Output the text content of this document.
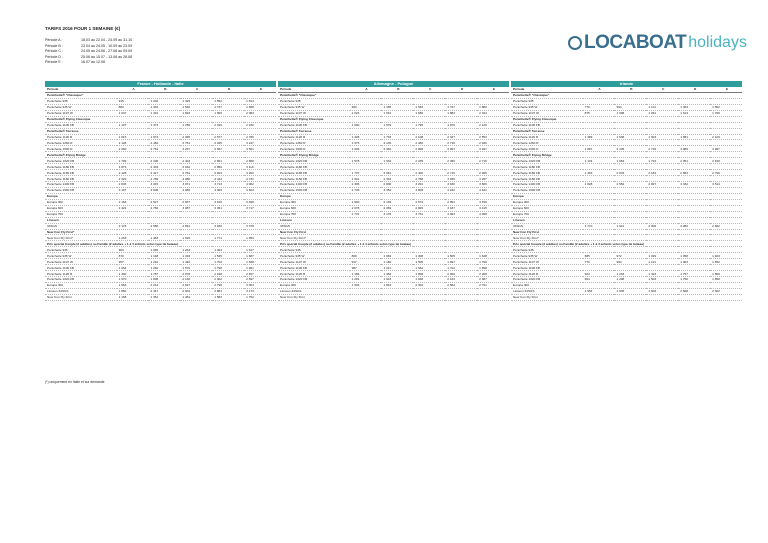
TARIFS 2016 POUR 1 SEMAINE (€)
Période A :	18.03 au 22.04 - 24.09 au 31.10
Période B :	23.04 au 24.05 - 10.09 au 23.09
Période C :	24.05 au 24.06 - 27.08 au 09.09
Période D :	25.06 au 15.07 - 13.08 au 26.08
Période E :	16.07 au 12.08
LOCABOAT holidays
France - Hollande - Italie
Période	A	B	C	D	E
Penichette® "Classique"					
Penichette 935	915	1 204	1 429	1 552	1 814
Penichette 935 W	883	1 316	1 540	1 747	1 898
Penichette 1107 W	1 037	1 401	1 693	1 909	2 083
Penichette® Flying Classique					
Penichette 1106 FB	1 107	1 473	1 789	2 016	2 232
Penichette® Terrasse					
Penichette 1120 R	1 615	1 974	2 365	2 577	2 786
Penichette 1260 R	2 128	2 482	2 751	3 045	3 247
Penichette 1500 R	2 260	2 761	3 237	3 367	3 561
Penichette® Flying Bridge					
Penichette 1020 FB	1 799	2 106	2 403	2 651	2 868
Penichette 1180 FB	1 873	2 303	2 632	2 856	3 119
Penichette 1165 FB	2 128	2 417	2 781	3 023	3 262
Penichette 1160 FB	2 422	2 789	3 080	3 444	3 731
Penichette 1400 FB	2 845	3 315	3 971	3 713	4 062
Penichette 1500 FB	3 107	3 606	4 080	4 309	4 623
Europa					
Europa 400	2 163	2 527	2 937	3 100	3 498
Europa 600	2 422	2 782	3 087	3 451	3 717
Europa 700					
Linssen					
34SGS	2 176	2 580	2 991	3 180	3 378
New Con Fly First*					
New Con Fly First*	1 263	1 483	1 615	1 771	1 953
Prix spécial Couple (2 adultes) ou Famille (2 adultes + 1 à 4 enfants selon type de bateau)					
Penichette 935	903	1 065	1 263	1 463	1 617
Penichette 935 W	870	1 148	1 318	1 545	1 687
Penichette 1107 W	957	1 210	1 440	1 702	1 838
Penichette 1106 FB	1 064	1 282	1 570	1 798	1 961
Penichette 1120 R	1 300	1 787	2 078	2 198	2 457
Penichette 1020 FB	1 570	1 806	2 130	2 402	2 597
Europa 400	1 963	2 212	2 627	2 798	3 063
Linssen 34SGS	1 860	2 317	2 604	2 881	3 173
New Con Fly First	1 168	1 351	1 481	1 583	1 752
Allemagne - Pologne
Période	A	B	C	D	E
Penichette® "Classique"					
Penichette 935					
Penichette 935 W	900	1 165	1 540	1 727	1 880
Penichette 1107 W	1 023	1 510	1 680	1 883	2 044
Penichette® Flying Classique					
Penichette 1106 FB	1 090	1 579	1 795	1 970	2 126
Penichette® Terrasse					
Penichette 1120 R	1 328	1 733	2 108	2 347	2 553
Penichette 1260 R	1 575	2 135	2 482	2 716	2 930
Penichette 1500 R	1 939	2 384	2 828	3 097	3 497
Penichette® Flying Bridge					
Penichette 1020 FB	1 578	1 934	2 235	2 450	2 716
Penichette 1180 FB					
Penichette 1165 FB	1 737	2 061	2 400	2 716	2 925
Penichette 1160 FB	1 901	2 343	2 788	3 039	3 267
Penichette 1400 FB	2 306	2 830	3 291	3 630	3 809
Penichette 1500 FB	2 745	3 352	3 809	4 242	4 641
Europa					
Europa 400	1 900	2 139	2 674	2 891	3 159
Europa 600	2 078	2 369	2 829	3 187	3 415
Europa 700	2 731	3 176	3 731	3 993	4 098
Linssen					
34SGS					
New Con Fly First					
New Con Fly First*					
Prix spécial Couple (2 adultes) ou Famille (2 adultes + 1 à 4 enfants selon type de bateau)					
Penichette 935					
Penichette 935 W	809	1 084	1 308	1 505	1 648
Penichette 1107 W	917	1 180	1 505	1 697	1 799
Penichette 1106 FB	987	1 211	1 540	1 722	1 898
Penichette 1120 R	1 186	1 483	1 808	2 060	2 268
Penichette 1020 FB	1 291	1 643	1 938	2 163	2 387
Europa 400	1 603	1 844	2 304	2 562	2 761
Linssen 34SGS					
New Con Fly First					
Irlande
Période	A	B	C	D	E
Penichette® "Classique"					
Penichette 935					
Penichette 935 W	770	994	1 114	1 463	1 652
Penichette 1107 W	875	1 098	1 261	1 613	1 799
Penichette® Flying Classique					
Penichette 1106 FB					
Penichette® Terrasse					
Penichette 1120 R	1 389	1 638	1 903	1 981	2 129
Penichette 1260 R					
Penichette 1500 R	1 887	2 105	2 718	3 089	3 287
Penichette® Flying Bridge					
Penichette 1020 FB	1 134	1 663	1 723	2 051	2 199
Penichette 1180 FB					
Penichette 1165 FB	1 463	2 078	2 184	2 653	2 796
Penichette 1160 FB					
Penichette 1400 FB	1 828	2 582	2 827	3 332	3 514
Penichette 1500 FB					
Europa					
Europa 400					
Europa 600					
Europa 700					
Linssen					
34SGS	1 770	1 941	2 309	2 282	2 662
New Con Fly First					
New Con Fly First*					
Prix spécial Couple (2 adultes) ou Famille (2 adultes + 1 à 4 enfants selon type de bateau)					
Penichette 935					
Penichette 935 W	685	972	1 029	1 358	1 463
Penichette 1107 W	770	994	1 114	1 463	1 652
Penichette 1106 FB					
Penichette 1120 R	924	1 233	1 323	1 757	1 869
Penichette 1020 FB	994	1 298	1 503	1 756	1 858
Europa 400					
Linssen 34SGS	1 554	1 606	1 603	2 668	2 302
New Con Fly First					
(*) uniquement en Italie et sur demande
